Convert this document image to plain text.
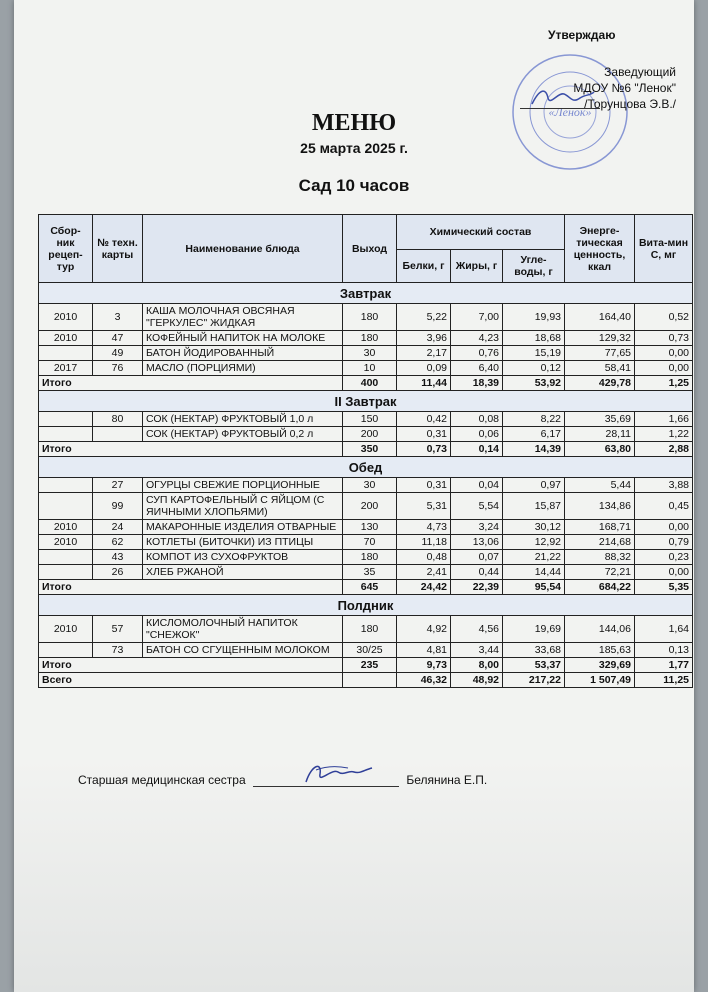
Утверждаю
«Ленок»
Заведующий
МДОУ №6 "Ленок"
/Торунцова Э.В./
МЕНЮ
25 марта 2025 г.
Сад 10 часов
Сбор-ник рецеп-тур	№ техн. карты	Наименование блюда	Выход	Химический состав			Энерге-тическая ценность, ккал	Вита-мин С, мг
				Белки, г	Жиры, г	Угле-воды, г		
Завтрак								
2010	3	КАША МОЛОЧНАЯ ОВСЯНАЯ "ГЕРКУЛЕС" ЖИДКАЯ	180	5,22	7,00	19,93	164,40	0,52
2010	47	КОФЕЙНЫЙ НАПИТОК НА МОЛОКЕ	180	3,96	4,23	18,68	129,32	0,73
	49	БАТОН ЙОДИРОВАННЫЙ	30	2,17	0,76	15,19	77,65	0,00
2017	76	МАСЛО (ПОРЦИЯМИ)	10	0,09	6,40	0,12	58,41	0,00
Итого			400	11,44	18,39	53,92	429,78	1,25
II Завтрак								
	80	СОК (НЕКТАР) ФРУКТОВЫЙ 1,0 л	150	0,42	0,08	8,22	35,69	1,66
		СОК (НЕКТАР) ФРУКТОВЫЙ 0,2 л	200	0,31	0,06	6,17	28,11	1,22
Итого			350	0,73	0,14	14,39	63,80	2,88
Обед								
	27	ОГУРЦЫ СВЕЖИЕ ПОРЦИОННЫЕ	30	0,31	0,04	0,97	5,44	3,88
	99	СУП КАРТОФЕЛЬНЫЙ С ЯЙЦОМ (С ЯИЧНЫМИ ХЛОПЬЯМИ)	200	5,31	5,54	15,87	134,86	0,45
2010	24	МАКАРОННЫЕ ИЗДЕЛИЯ ОТВАРНЫЕ	130	4,73	3,24	30,12	168,71	0,00
2010	62	КОТЛЕТЫ (БИТОЧКИ) ИЗ ПТИЦЫ	70	11,18	13,06	12,92	214,68	0,79
	43	КОМПОТ ИЗ СУХОФРУКТОВ	180	0,48	0,07	21,22	88,32	0,23
	26	ХЛЕБ РЖАНОЙ	35	2,41	0,44	14,44	72,21	0,00
Итого			645	24,42	22,39	95,54	684,22	5,35
Полдник								
2010	57	КИСЛОМОЛОЧНЫЙ НАПИТОК "СНЕЖОК"	180	4,92	4,56	19,69	144,06	1,64
	73	БАТОН СО СГУЩЕННЫМ МОЛОКОМ	30/25	4,81	3,44	33,68	185,63	0,13
Итого			235	9,73	8,00	53,37	329,69	1,77
Всего				46,32	48,92	217,22	1 507,49	11,25
Старшая медицинская сестра	Белянина Е.П.
